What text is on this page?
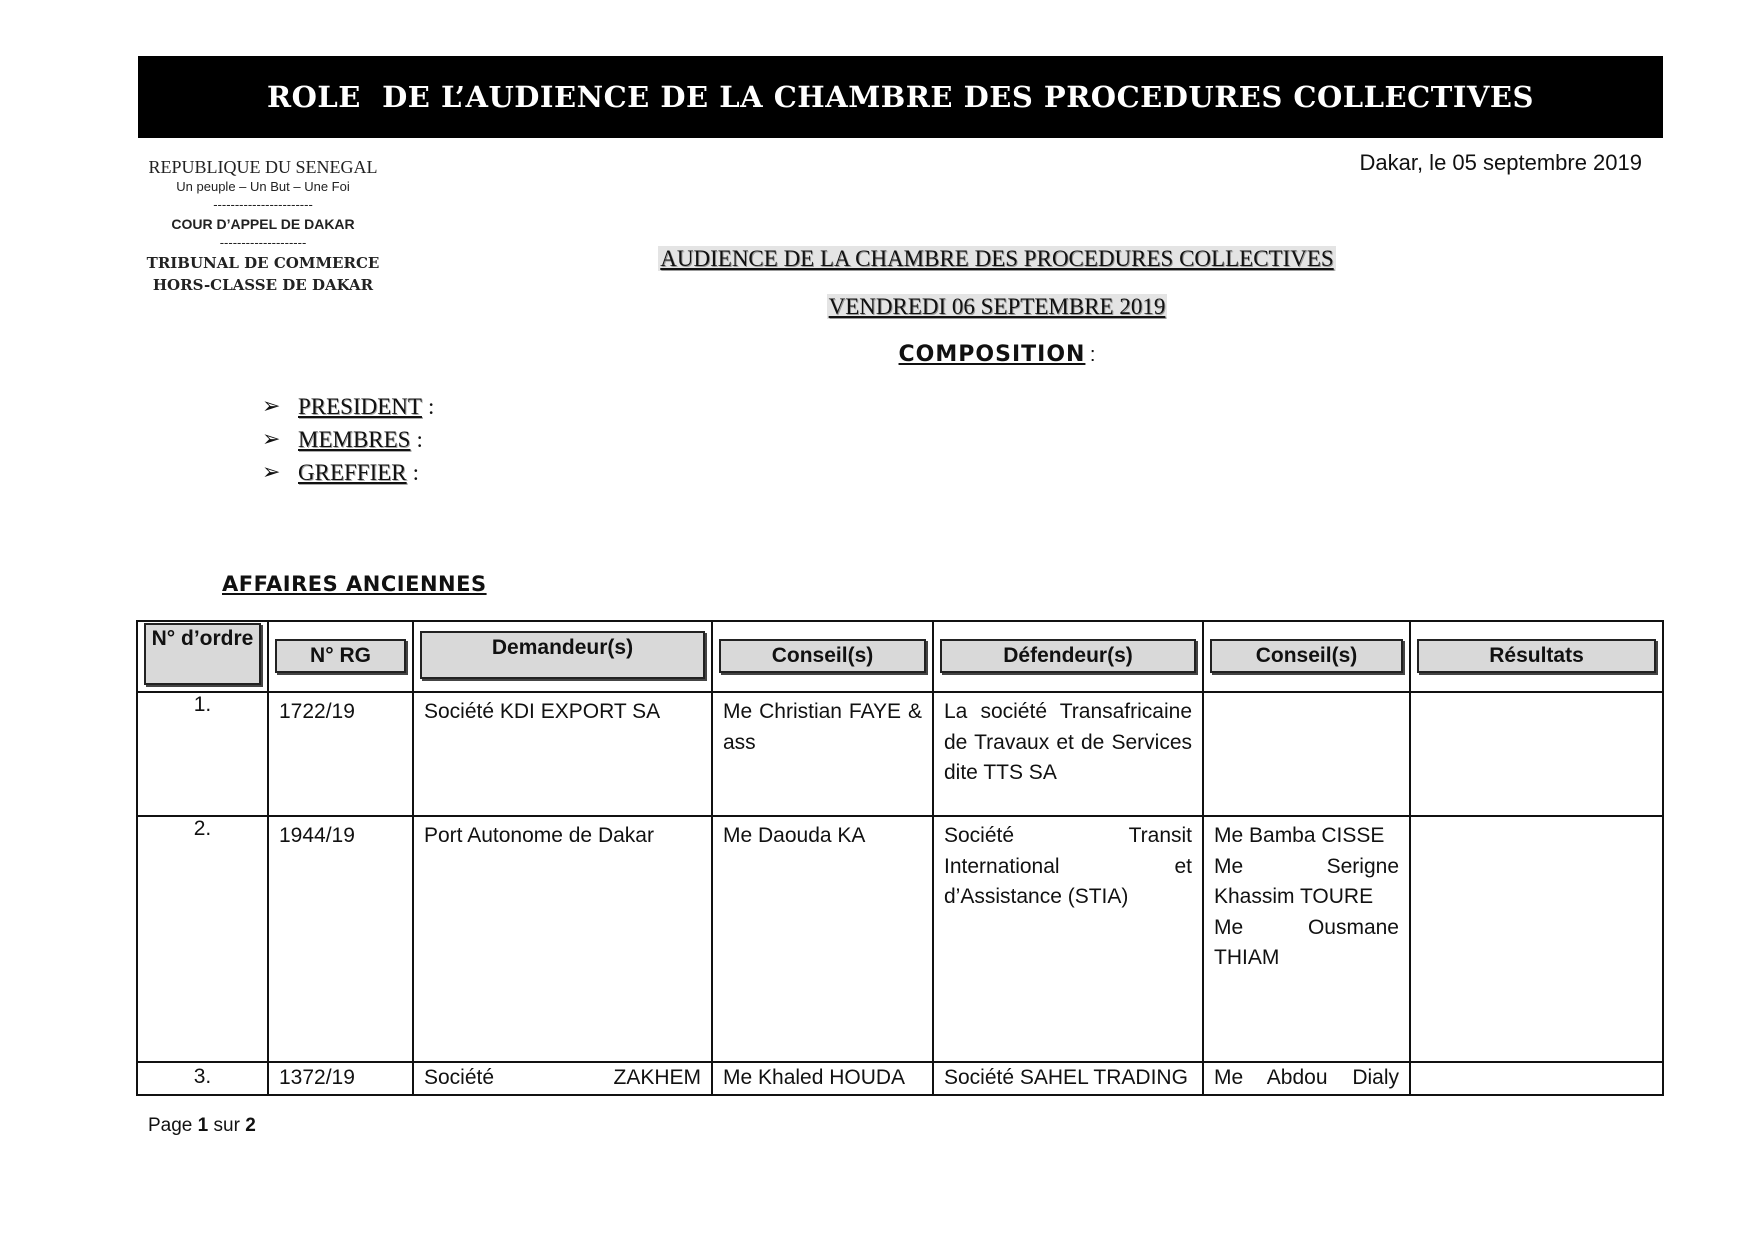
ROLE  DE L’AUDIENCE DE LA CHAMBRE DES PROCEDURES COLLECTIVES
REPUBLIQUE DU SENEGAL
Un peuple – Un But – Une Foi
-----------------------
COUR D’APPEL DE DAKAR
--------------------
TRIBUNAL DE COMMERCE
HORS-CLASSE DE DAKAR
Dakar, le 05 septembre 2019
AUDIENCE DE LA CHAMBRE DES PROCEDURES COLLECTIVES
VENDREDI 06 SEPTEMBRE 2019
COMPOSITION :
➢ PRESIDENT :
➢ MEMBRES :
➢ GREFFIER :
AFFAIRES ANCIENNES
N° d’ordre	N° RG	Demandeur(s)	Conseil(s)	Défendeur(s)	Conseil(s)	Résultats

1.	1722/19	Société KDI EXPORT SA	Me Christian FAYE & ass	La société Transafricaine de Travaux et de Services dite TTS SA		

2.	1944/19	Port Autonome de Dakar	Me Daouda KA	Société Transit International et d’Assistance (STIA)	Me Bamba CISSE
Me Serigne Khassim TOURE
Me Ousmane THIAM	

3.	1372/19	Société ZAKHEM	Me Khaled HOUDA	Société SAHEL TRADING	Me Abdou Dialy	

Page 1 sur 2
